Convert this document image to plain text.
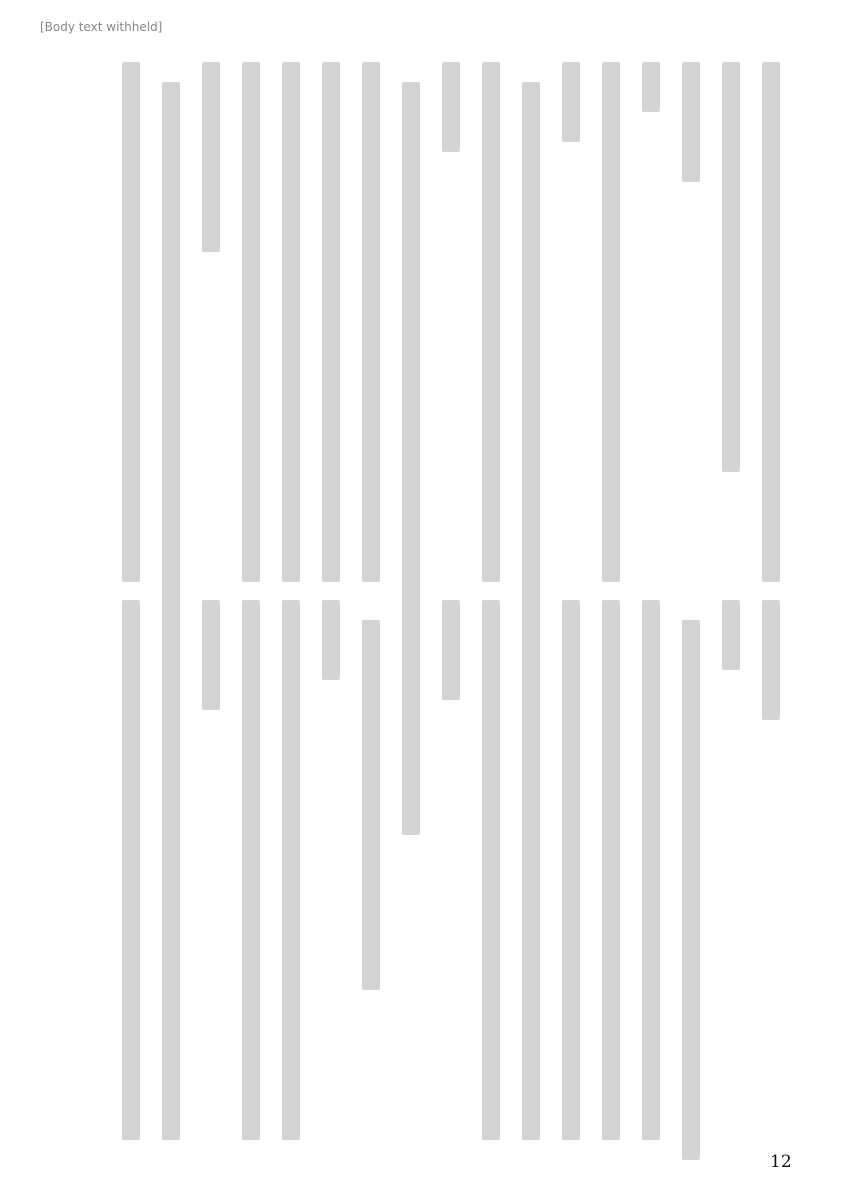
[Body text withheld]
12
